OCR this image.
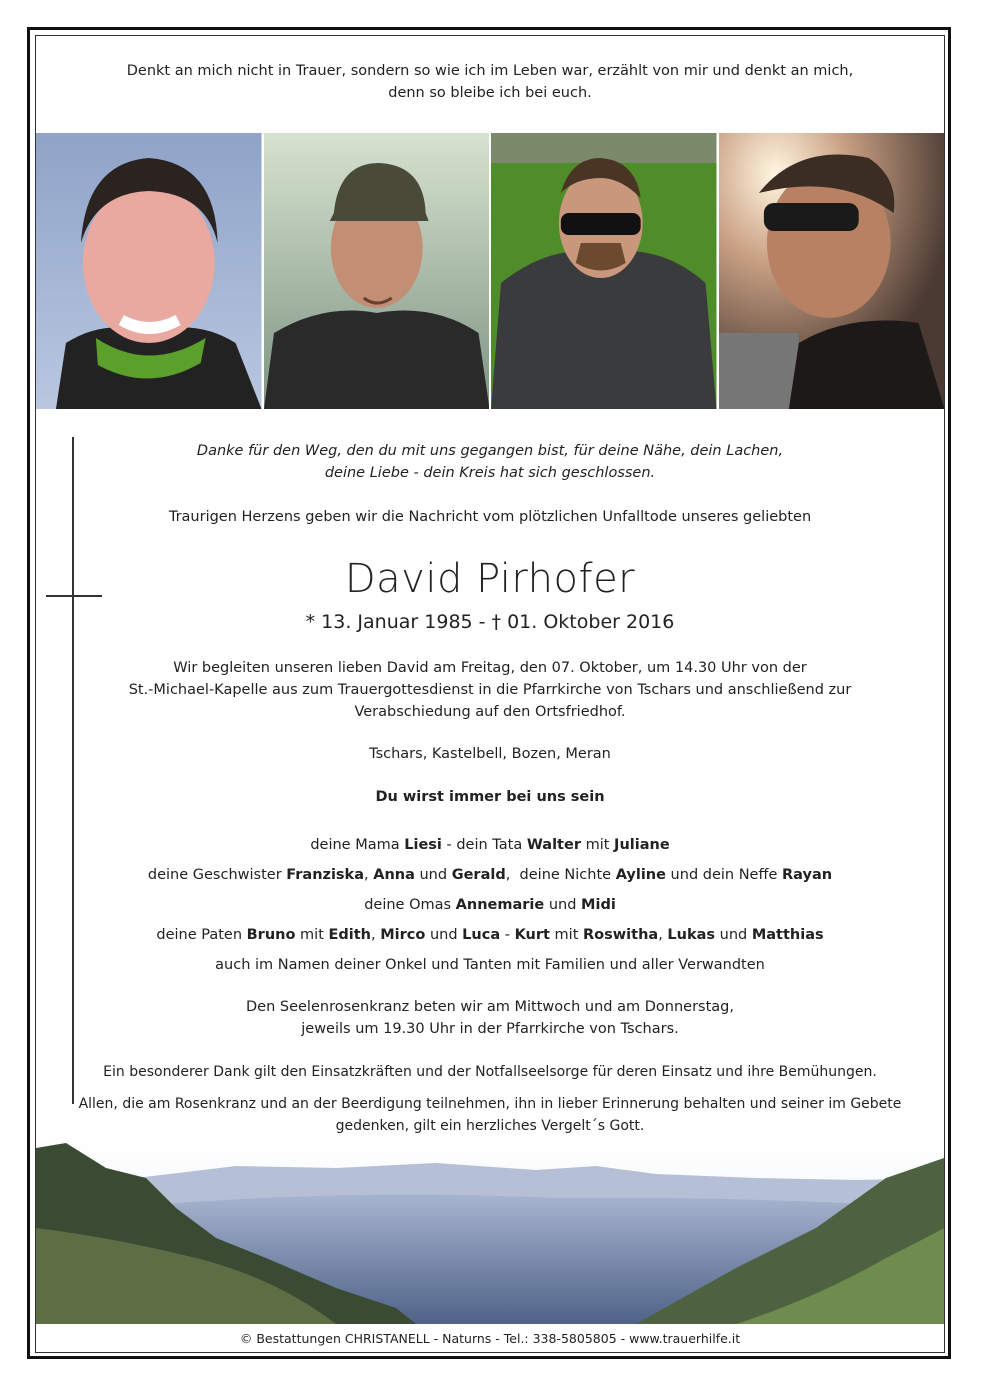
Denkt an mich nicht in Trauer, sondern so wie ich im Leben war, erzählt von mir und denkt an mich,
denn so bleibe ich bei euch.
Danke für den Weg, den du mit uns gegangen bist, für deine Nähe, dein Lachen,
deine Liebe - dein Kreis hat sich geschlossen.
Traurigen Herzens geben wir die Nachricht vom plötzlichen Unfalltode unseres geliebten
David Pirhofer
* 13. Januar 1985 - † 01. Oktober 2016
Wir begleiten unseren lieben David am Freitag, den 07. Oktober, um 14.30 Uhr von der
St.-Michael-Kapelle aus zum Trauergottesdienst in die Pfarrkirche von Tschars und anschließend zur
Verabschiedung auf den Ortsfriedhof.
Tschars, Kastelbell, Bozen, Meran
Du wirst immer bei uns sein
deine Mama Liesi - dein Tata Walter mit Juliane
deine Geschwister Franziska, Anna und Gerald,  deine Nichte Ayline und dein Neffe Rayan
deine Omas Annemarie und Midi
deine Paten Bruno mit Edith, Mirco und Luca - Kurt mit Roswitha, Lukas und Matthias
auch im Namen deiner Onkel und Tanten mit Familien und aller Verwandten
Den Seelenrosenkranz beten wir am Mittwoch und am Donnerstag,
jeweils um 19.30 Uhr in der Pfarrkirche von Tschars.
Ein besonderer Dank gilt den Einsatzkräften und der Notfallseelsorge für deren Einsatz und ihre Bemühungen.
Allen, die am Rosenkranz und an der Beerdigung teilnehmen, ihn in lieber Erinnerung behalten und seiner im Gebete
gedenken, gilt ein herzliches Vergelt´s Gott.
© Bestattungen CHRISTANELL - Naturns - Tel.: 338-5805805 - www.trauerhilfe.it
